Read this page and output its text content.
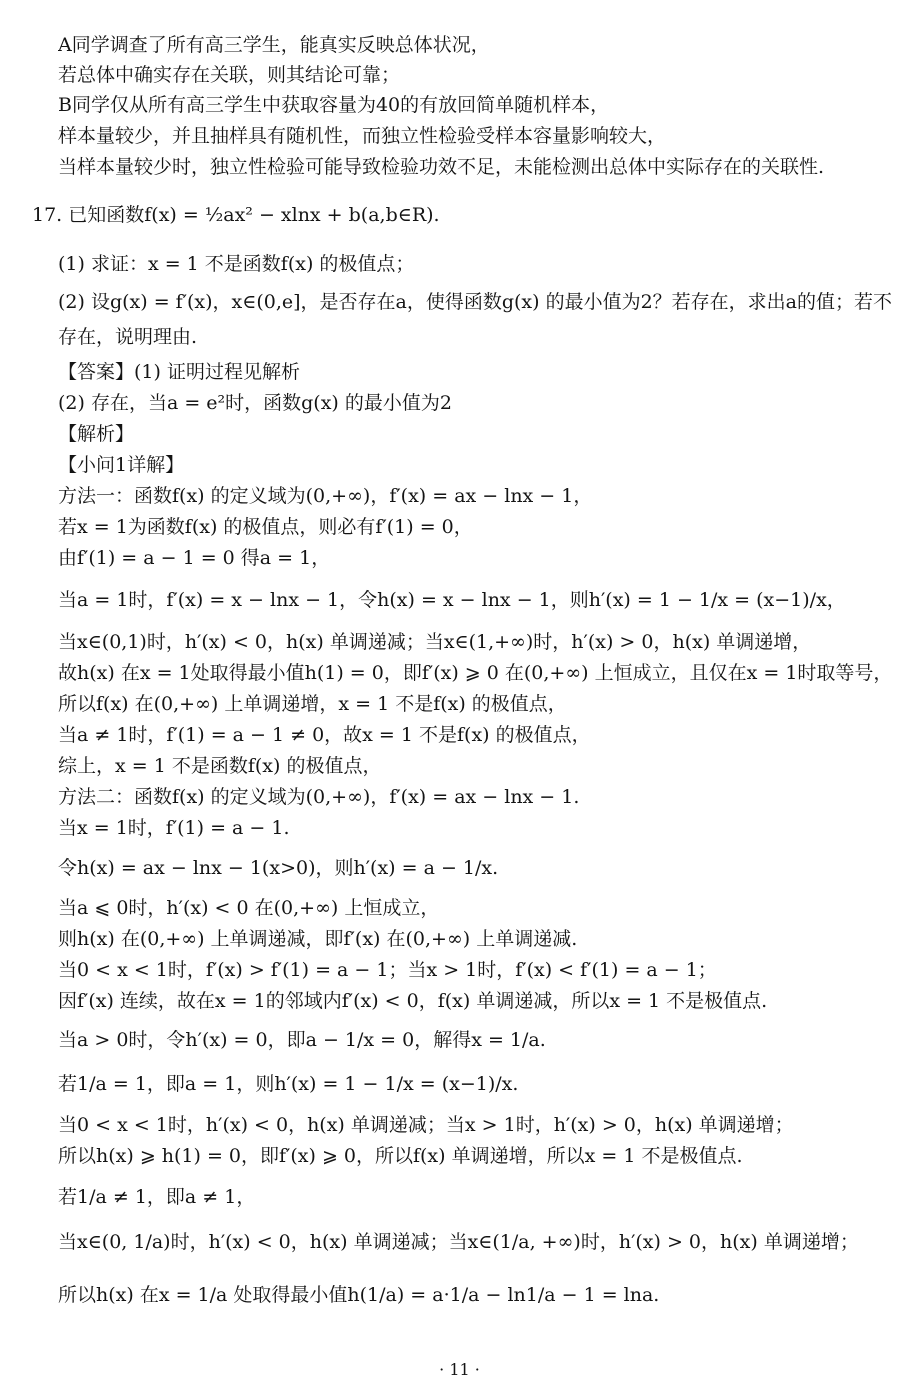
A同学调查了所有高三学生，能真实反映总体状况，
若总体中确实存在关联，则其结论可靠；
B同学仅从所有高三学生中获取容量为40的有放回简单随机样本，
样本量较少，并且抽样具有随机性，而独立性检验受样本容量影响较大，
当样本量较少时，独立性检验可能导致检验功效不足，未能检测出总体中实际存在的关联性.
17. 已知函数f(x) = ½ax² − xlnx + b(a,b∈R).
(1) 求证：x = 1 不是函数f(x) 的极值点；
(2) 设g(x) = f′(x)，x∈(0,e]，是否存在a，使得函数g(x) 的最小值为2？若存在，求出a的值；若不
存在，说明理由.
【答案】(1) 证明过程见解析
(2) 存在，当a = e²时，函数g(x) 的最小值为2
【解析】
【小问1详解】
方法一：函数f(x) 的定义域为(0,+∞)，f′(x) = ax − lnx − 1，
若x = 1为函数f(x) 的极值点，则必有f′(1) = 0，
由f′(1) = a − 1 = 0 得a = 1，
当a = 1时，f′(x) = x − lnx − 1，令h(x) = x − lnx − 1，则h′(x) = 1 − 1/x = (x−1)/x，
当x∈(0,1)时，h′(x) < 0，h(x) 单调递减；当x∈(1,+∞)时，h′(x) > 0，h(x) 单调递增，
故h(x) 在x = 1处取得最小值h(1) = 0，即f′(x) ⩾ 0 在(0,+∞) 上恒成立，且仅在x = 1时取等号，
所以f(x) 在(0,+∞) 上单调递增，x = 1 不是f(x) 的极值点，
当a ≠ 1时，f′(1) = a − 1 ≠ 0，故x = 1 不是f(x) 的极值点，
综上，x = 1 不是函数f(x) 的极值点，
方法二：函数f(x) 的定义域为(0,+∞)，f′(x) = ax − lnx − 1.
当x = 1时，f′(1) = a − 1.
令h(x) = ax − lnx − 1(x>0)，则h′(x) = a − 1/x.
当a ⩽ 0时，h′(x) < 0 在(0,+∞) 上恒成立，
则h(x) 在(0,+∞) 上单调递减，即f′(x) 在(0,+∞) 上单调递减.
当0 < x < 1时，f′(x) > f′(1) = a − 1；当x > 1时，f′(x) < f′(1) = a − 1；
因f′(x) 连续，故在x = 1的邻域内f′(x) < 0，f(x) 单调递减，所以x = 1 不是极值点.
当a > 0时，令h′(x) = 0，即a − 1/x = 0，解得x = 1/a.
若1/a = 1，即a = 1，则h′(x) = 1 − 1/x = (x−1)/x.
当0 < x < 1时，h′(x) < 0，h(x) 单调递减；当x > 1时，h′(x) > 0，h(x) 单调递增；
所以h(x) ⩾ h(1) = 0，即f′(x) ⩾ 0，所以f(x) 单调递增，所以x = 1 不是极值点.
若1/a ≠ 1，即a ≠ 1，
当x∈(0, 1/a)时，h′(x) < 0，h(x) 单调递减；当x∈(1/a, +∞)时，h′(x) > 0，h(x) 单调递增；
所以h(x) 在x = 1/a 处取得最小值h(1/a) = a·1/a − ln1/a − 1 = lna.
· 11 ·
